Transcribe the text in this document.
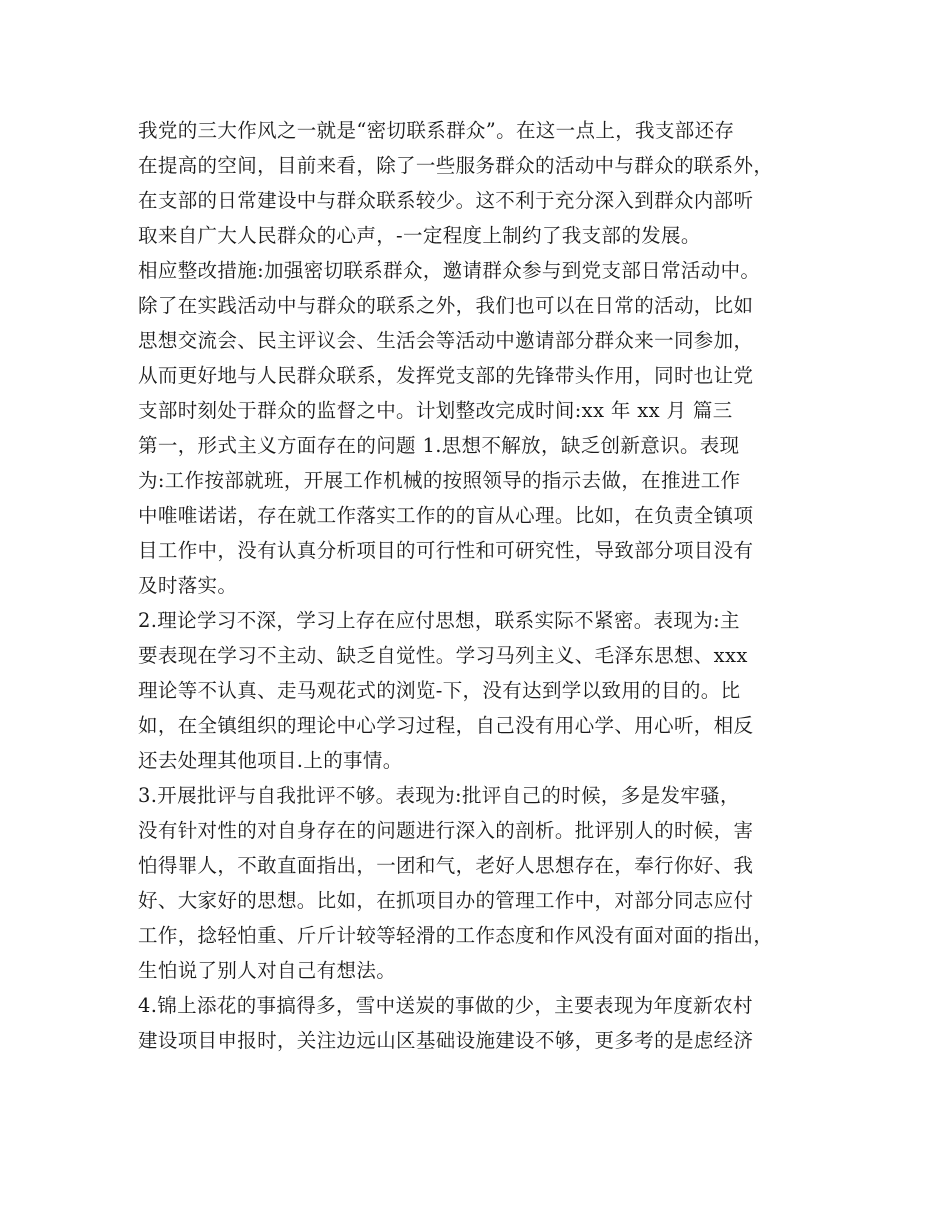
我党的三大作风之一就是“密切联系群众”。在这一点上，我支部还存
在提高的空间，目前来看，除了一些服务群众的活动中与群众的联系外，
在支部的日常建设中与群众联系较少。这不利于充分深入到群众内部听
取来自广大人民群众的心声，-一定程度上制约了我支部的发展。
相应整改措施:加强密切联系群众，邀请群众参与到党支部日常活动中。
除了在实践活动中与群众的联系之外，我们也可以在日常的活动，比如
思想交流会、民主评议会、生活会等活动中邀请部分群众来一同参加，
从而更好地与人民群众联系，发挥党支部的先锋带头作用，同时也让党
支部时刻处于群众的监督之中。计划整改完成时间:xx 年 xx 月 篇三
第一，形式主义方面存在的问题 1.思想不解放，缺乏创新意识。表现
为:工作按部就班，开展工作机械的按照领导的指示去做，在推进工作
中唯唯诺诺，存在就工作落实工作的的盲从心理。比如，在负责全镇项
目工作中，没有认真分析项目的可行性和可研究性，导致部分项目没有
及时落实。
2.理论学习不深，学习上存在应付思想，联系实际不紧密。表现为:主
要表现在学习不主动、缺乏自觉性。学习马列主义、毛泽东思想、xxx
理论等不认真、走马观花式的浏览-下，没有达到学以致用的目的。比
如，在全镇组织的理论中心学习过程，自己没有用心学、用心听，相反
还去处理其他项目.上的事情。
3.开展批评与自我批评不够。表现为:批评自己的时候，多是发牢骚，
没有针对性的对自身存在的问题进行深入的剖析。批评别人的时候，害
怕得罪人，不敢直面指出，一团和气，老好人思想存在，奉行你好、我
好、大家好的思想。比如，在抓项目办的管理工作中，对部分同志应付
工作，捻轻怕重、斤斤计较等轻滑的工作态度和作风没有面对面的指出，
生怕说了别人对自己有想法。
4.锦上添花的事搞得多，雪中送炭的事做的少，主要表现为年度新农村
建设项目申报时，关注边远山区基础设施建设不够，更多考的是虑经济
